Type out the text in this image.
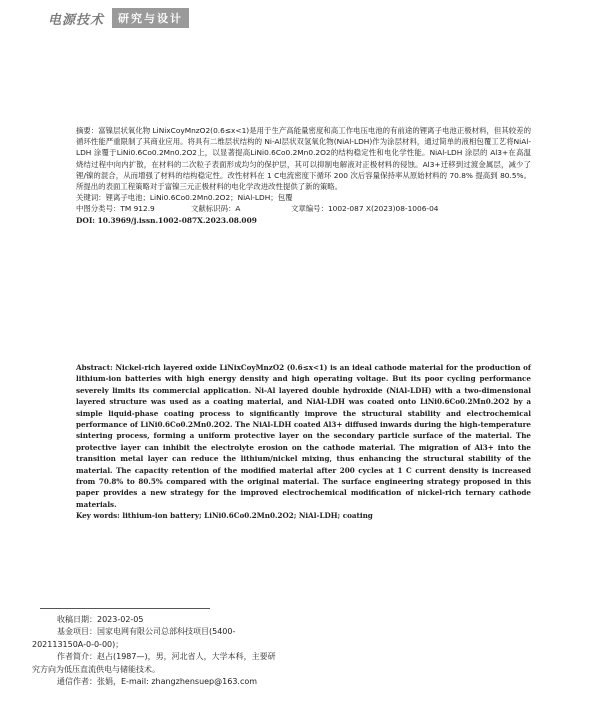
电源技术	研究与设计

摘要：富镍层状氧化物 LiNixCoyMnzO2(0.6≤x<1)是用于生产高能量密度和高工作电压电池的有前途的锂离子电池正极材料，但其较差的循环性能严重限制了其商业应用。将具有二维层状结构的 Ni-Al层状双氢氧化物(NiAl-LDH)作为涂层材料，通过简单的液相包覆工艺将NiAl-LDH 涂覆于LiNi0.6Co0.2Mn0.2O2上，以显著提高LiNi0.6Co0.2Mn0.2O2的结构稳定性和电化学性能。NiAl-LDH 涂层的 Al3+在高温烧结过程中向内扩散，在材料的二次粒子表面形成均匀的保护层，其可以抑制电解液对正极材料的侵蚀。Al3+迁移到过渡金属层，减少了锂/镍的混合，从而增强了材料的结构稳定性。改性材料在 1 C电流密度下循环 200 次后容量保持率从原始材料的 70.8% 提高到 80.5%。所提出的表面工程策略对于富镍三元正极材料的电化学改进改性提供了新的策略。

关键词：锂离子电池；LiNi0.6Co0.2Mn0.2O2；NiAl-LDH；包覆

中图分类号：TM 912.9	文献标识码：A	文章编号：1002-087 X(2023)08-1006-04

DOI: 10.3969/j.issn.1002-087X.2023.08.009

Abstract: Nickel-rich layered oxide LiNixCoyMnzO2 (0.6≤x<1) is an ideal cathode material for the production of lithium-ion batteries with high energy density and high operating voltage. But its poor cycling performance severely limits its commercial application. Ni-Al layered double hydroxide (NiAl-LDH) with a two-dimensional layered structure was used as a coating material, and NiAl-LDH was coated onto LiNi0.6Co0.2Mn0.2O2 by a simple liquid-phase coating process to significantly improve the structural stability and electrochemical performance of LiNi0.6Co0.2Mn0.2O2. The NiAl-LDH coated Al3+ diffused inwards during the high-temperature sintering process, forming a uniform protective layer on the secondary particle surface of the material. The protective layer can inhibit the electrolyte erosion on the cathode material. The migration of Al3+ into the transition metal layer can reduce the lithium/nickel mixing, thus enhancing the structural stability of the material. The capacity retention of the modified material after 200 cycles at 1 C current density is increased from 70.8% to 80.5% compared with the original material. The surface engineering strategy proposed in this paper provides a new strategy for the improved electrochemical modification of nickel-rich ternary cathode materials.

Key words: lithium-ion battery; LiNi0.6Co0.2Mn0.2O2; NiAl-LDH; coating

收稿日期：2023-02-05

基金项目：国家电网有限公司总部科技项目(5400-

202113150A-0-0-00)；

作者简介：赵占(1987—)，男，河北省人，大学本科，主要研

究方向为低压直流供电与储能技术。

通信作者：张娟，E-mail: zhangzhensuep@163.com
